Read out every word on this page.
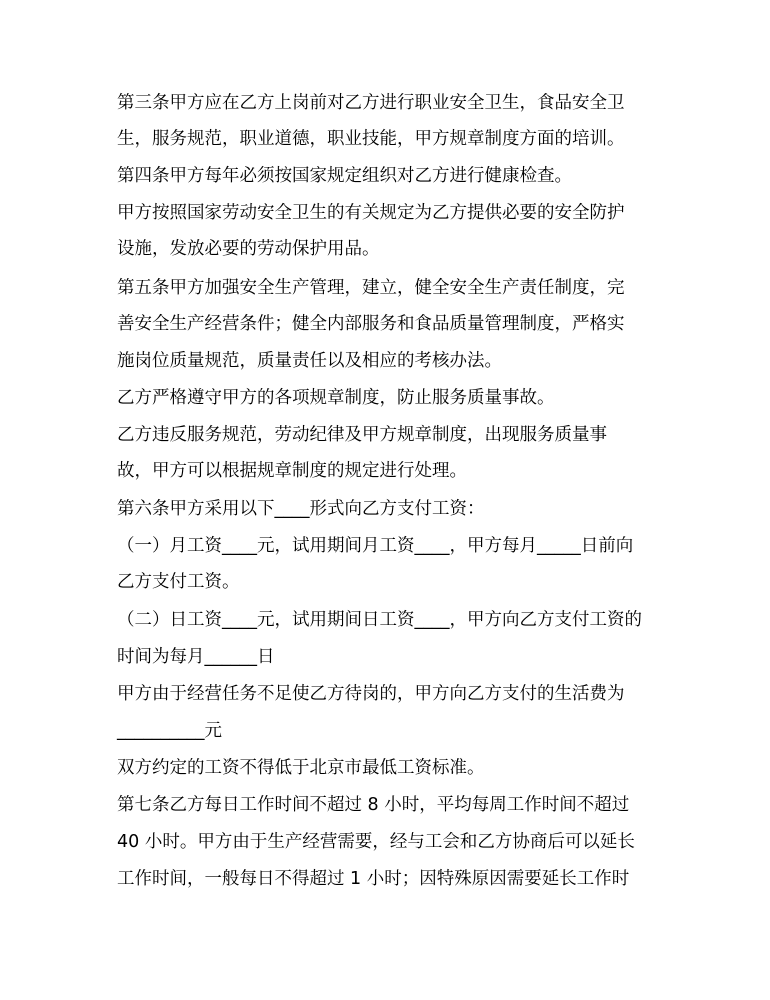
第三条甲方应在乙方上岗前对乙方进行职业安全卫生，食品安全卫
生，服务规范，职业道德，职业技能，甲方规章制度方面的培训。
第四条甲方每年必须按国家规定组织对乙方进行健康检查。
甲方按照国家劳动安全卫生的有关规定为乙方提供必要的安全防护
设施，发放必要的劳动保护用品。
第五条甲方加强安全生产管理，建立，健全安全生产责任制度，完
善安全生产经营条件；健全内部服务和食品质量管理制度，严格实
施岗位质量规范，质量责任以及相应的考核办法。
乙方严格遵守甲方的各项规章制度，防止服务质量事故。
乙方违反服务规范，劳动纪律及甲方规章制度，出现服务质量事
故，甲方可以根据规章制度的规定进行处理。
第六条甲方采用以下____形式向乙方支付工资：
（一）月工资____元，试用期间月工资____，甲方每月_____日前向
乙方支付工资。
（二）日工资____元，试用期间日工资____，甲方向乙方支付工资的
时间为每月______日
甲方由于经营任务不足使乙方待岗的，甲方向乙方支付的生活费为
__________元
双方约定的工资不得低于北京市最低工资标准。
第七条乙方每日工作时间不超过 8 小时，平均每周工作时间不超过
40 小时。甲方由于生产经营需要，经与工会和乙方协商后可以延长
工作时间，一般每日不得超过 1 小时；因特殊原因需要延长工作时
